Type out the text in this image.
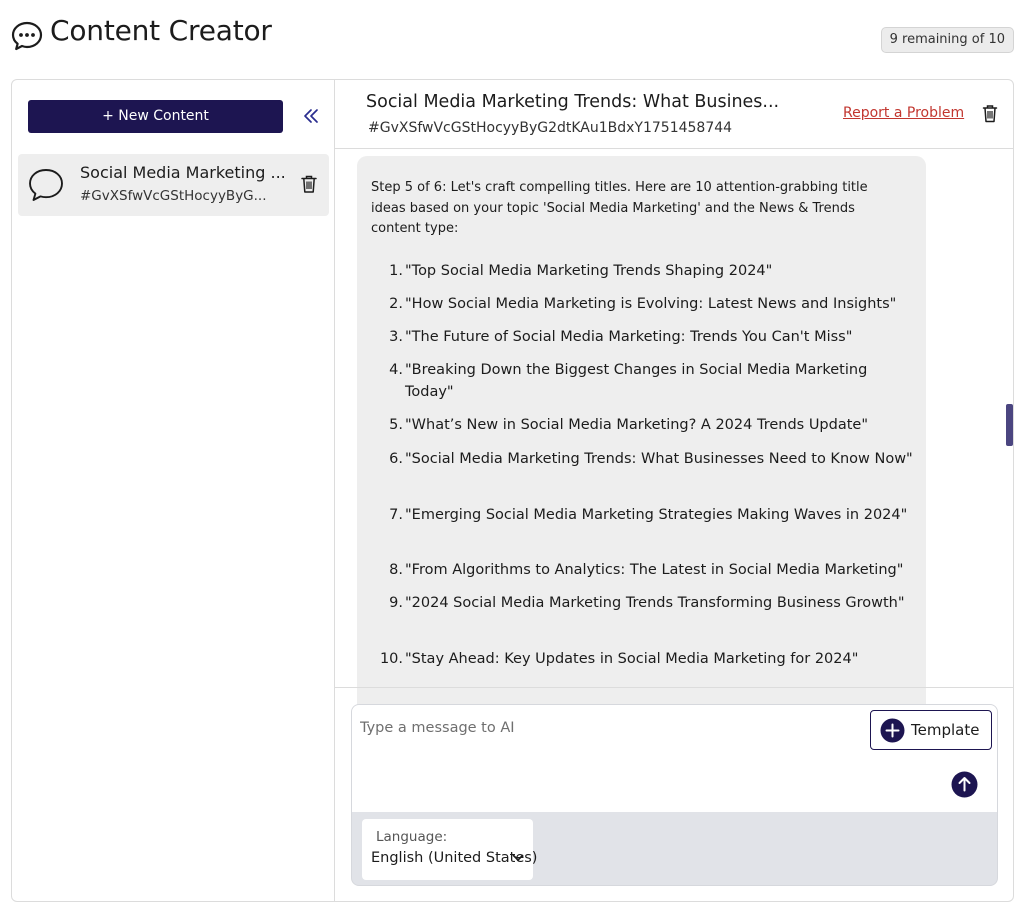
Content Creator	9 remaining of 10
+ New Content
Social Media Marketing ...
#GvXSfwVcGStHocyyByG...
Social Media Marketing Trends: What Busines...
#GvXSfwVcGStHocyyByG2dtKAu1BdxY1751458744
Report a Problem
Step 5 of 6: Let's craft compelling titles. Here are 10 attention-grabbing title ideas based on your topic 'Social Media Marketing' and the News & Trends content type:
1. "Top Social Media Marketing Trends Shaping 2024"
2. "How Social Media Marketing is Evolving: Latest News and Insights"
3. "The Future of Social Media Marketing: Trends You Can't Miss"
4. "Breaking Down the Biggest Changes in Social Media Marketing Today"
5. "What’s New in Social Media Marketing? A 2024 Trends Update"
6. "Social Media Marketing Trends: What Businesses Need to Know Now"
7. "Emerging Social Media Marketing Strategies Making Waves in 2024"
8. "From Algorithms to Analytics: The Latest in Social Media Marketing"
9. "2024 Social Media Marketing Trends Transforming Business Growth"
10. "Stay Ahead: Key Updates in Social Media Marketing for 2024"
Type a message to AI
Template
Language:
English (United States)
